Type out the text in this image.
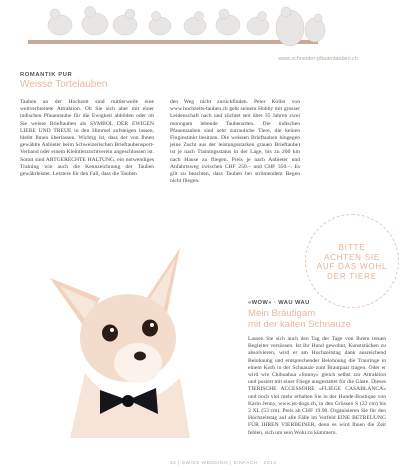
www.schneider-pfauentauben.ch
ROMANTIK PUR
Weisse Tortelauben
Tauben an der Hochzeit sind mittlerweile eine weitverbreitete Attraktion. Ob Sie sich aber mit einer indischen Pfauentaube für die Ewigkeit abbilden oder ob Sie weisse Brieftauben als SYMBOL DER EWIGEN LIEBE UND TREUE in den Himmel aufsteigen lassen, bleibt Ihnen überlassen. Wichtig ist, dass der von Ihnen gewählte Anbieter beim Schweizerischen Brieftaubensport-Verband oder einem Kleintierzuchtverein angeschlossen ist. Somit sind ARTGERECHTE HALTUNG, ein notwendiges Training wie auch die Kennzeichnung der Tauben gewährleistet. Letztere für den Fall, dass die Tauben
den Weg nicht zurückfinden. Peter Koller von www.hochzeits-tauben.ch geht seinem Hobby mit grosser Leidenschaft nach und züchtet seit über 35 Jahren zwei monogam lebende Taubenarten. Die indischen Pfauentauben sind sehr zutrauliche Tiere, die keinen Fluginstinkt besitzen. Die weissen Brieftauben hingegen jeine Zucht aus der leistungsstarken grauen Brieftaube) ist je nach Trainingsstatus in der Lage, bis zu 200 km nach Hause zu fliegen. Preis je nach Anbieter und Anfahrtsweg zwischen CHF 250.– und CHF 350.–. Es gilt zu beachten, dass Tauben bei strömendem Regen nicht fliegen.
BITTE
ACHTEN SIE
AUF DAS WOHL
DER TIERE
«WOW» · WAU WAU
Mein Bräutigam
mit der kalten Schnauze
Lassen Sie sich auch den Tag der Tage von Ihrem treuen Begleiter versüssen. Ist Ihr Hund gewohnt, Kunststücken zu absolvieren, wird er am Hochzeitstag dank ausreichend Belohnung und entsprechender Belohnung die Trauringe in einem Korb in der Schnauze zum Brautpaar tragen. Oder er wird wie Chihuahua «Sunny» gleich selbst zur Attraktion und posiert mit einer Fliege ausgestattet für die Gäste. Dieses TIERISCHE ACCESSOIRE «FLIEGE CASABLANCA» und noch viel mehr erhalten Sie in der Hunde-Boutique von Karin Jenny, www.jst-dogs.ch, in den Grössen S (23 cm) bis 3 XL (53 cm). Preis ab CHF 19.90. Organisieren Sie für den Hochzeitstag auf alle Fälle im Vorfeld EINE BETREUUNG FÜR IHREN VIERBEINER, denn es wird Ihnen die Zeit fehlen, sich um sein Wohl zu kümmern.
22 | SWISS WEDDING | EINFACH · 2014
